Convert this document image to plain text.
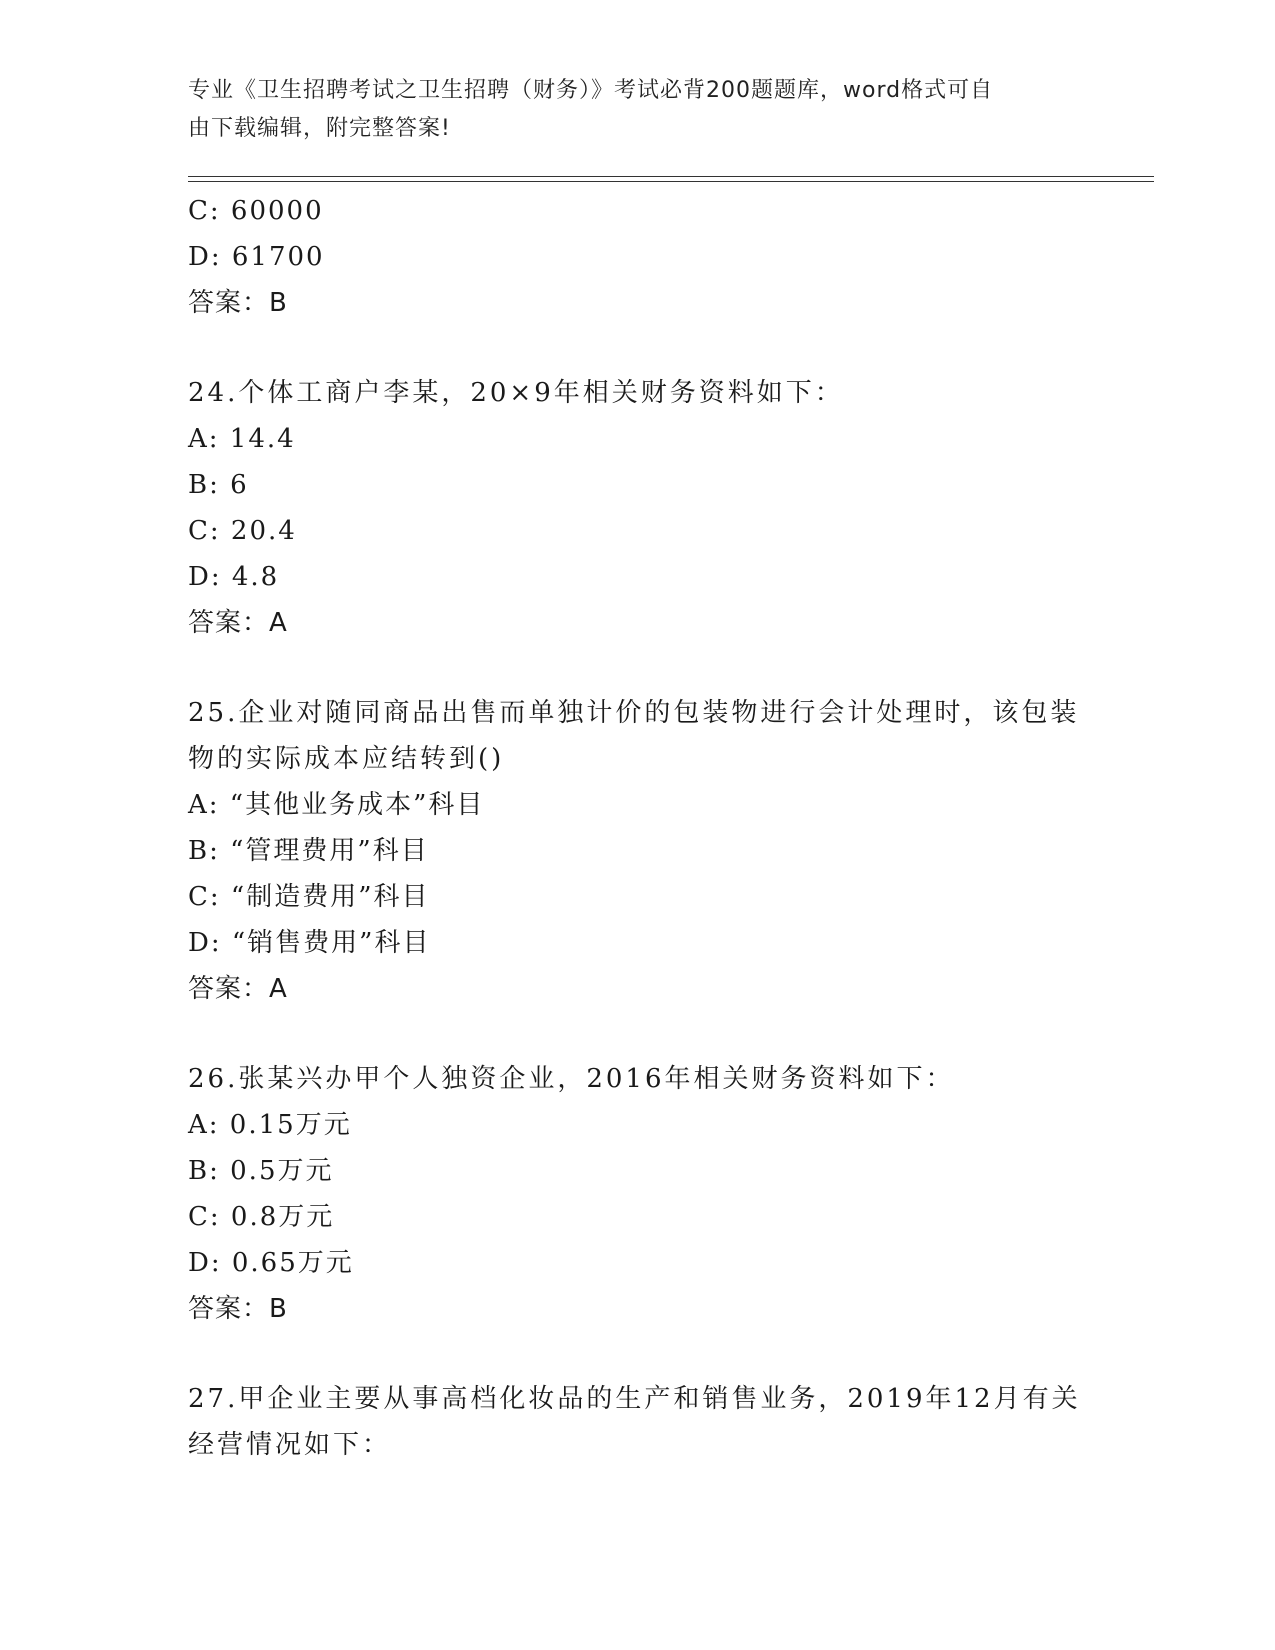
专业《卫生招聘考试之卫生招聘（财务）》考试必背200题题库，word格式可自
由下载编辑，附完整答案!
C: 60000
D: 61700
答案：B
24.个体工商户李某，20×9年相关财务资料如下：
A: 14.4
B: 6
C: 20.4
D: 4.8
答案：A
25.企业对随同商品出售而单独计价的包装物进行会计处理时，该包装物的实际成本应结转到()
A: “其他业务成本”科目
B: “管理费用”科目
C: “制造费用”科目
D: “销售费用”科目
答案：A
26.张某兴办甲个人独资企业，2016年相关财务资料如下：
A: 0.15万元
B: 0.5万元
C: 0.8万元
D: 0.65万元
答案：B
27.甲企业主要从事高档化妆品的生产和销售业务，2019年12月有关经营情况如下：
